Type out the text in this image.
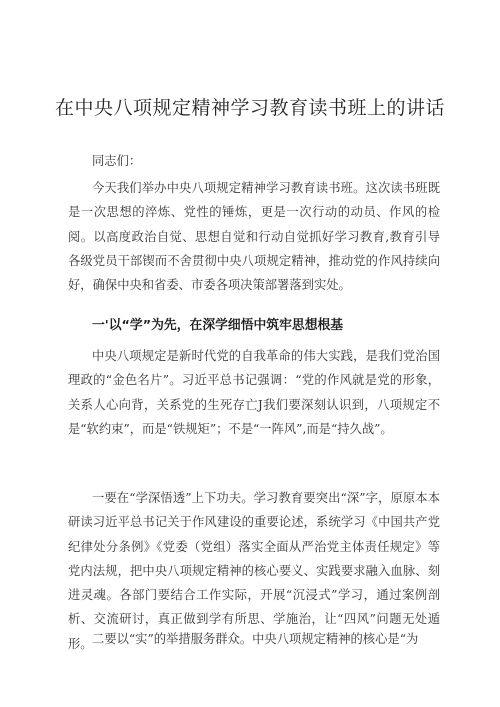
在中央八项规定精神学习教育读书班上的讲话

同志们：

今天我们举办中央八项规定精神学习教育读书班。这次读书班既是一次思想的淬炼、党性的锤炼，更是一次行动的动员、作风的检阅。以高度政治自觉、思想自觉和行动自觉抓好学习教育,教育引导各级党员干部锲而不舍贯彻中央八项规定精神，推动党的作风持续向好，确保中央和省委、市委各项决策部署落到实处。

一'以“学”为先，在深学细悟中筑牢思想根基

中央八项规定是新时代党的自我革命的伟大实践，是我们党治国理政的“金色名片”。习近平总书记强调：“党的作风就是党的形象，关系人心向背，关系党的生死存亡J我们要深刻认识到，八项规定不是“软约束”，而是“铁规矩”；不是“一阵风”,而是“持久战”。

一要在“学深悟透”上下功夫。学习教育要突出“深”字，原原本本研读习近平总书记关于作风建设的重要论述，系统学习《中国共产党纪律处分条例》《党委（党组）落实全面从严治党主体责任规定》等党内法规，把中央八项规定精神的核心要义、实践要求融入血脉、刻进灵魂。各部门要结合工作实际，开展“沉浸式”学习，通过案例剖析、交流研讨，真正做到学有所思、学施治，让“四风”问题无处遁形。 二要以“实”的举措服务群众。中央八项规定精神的核心是“为
